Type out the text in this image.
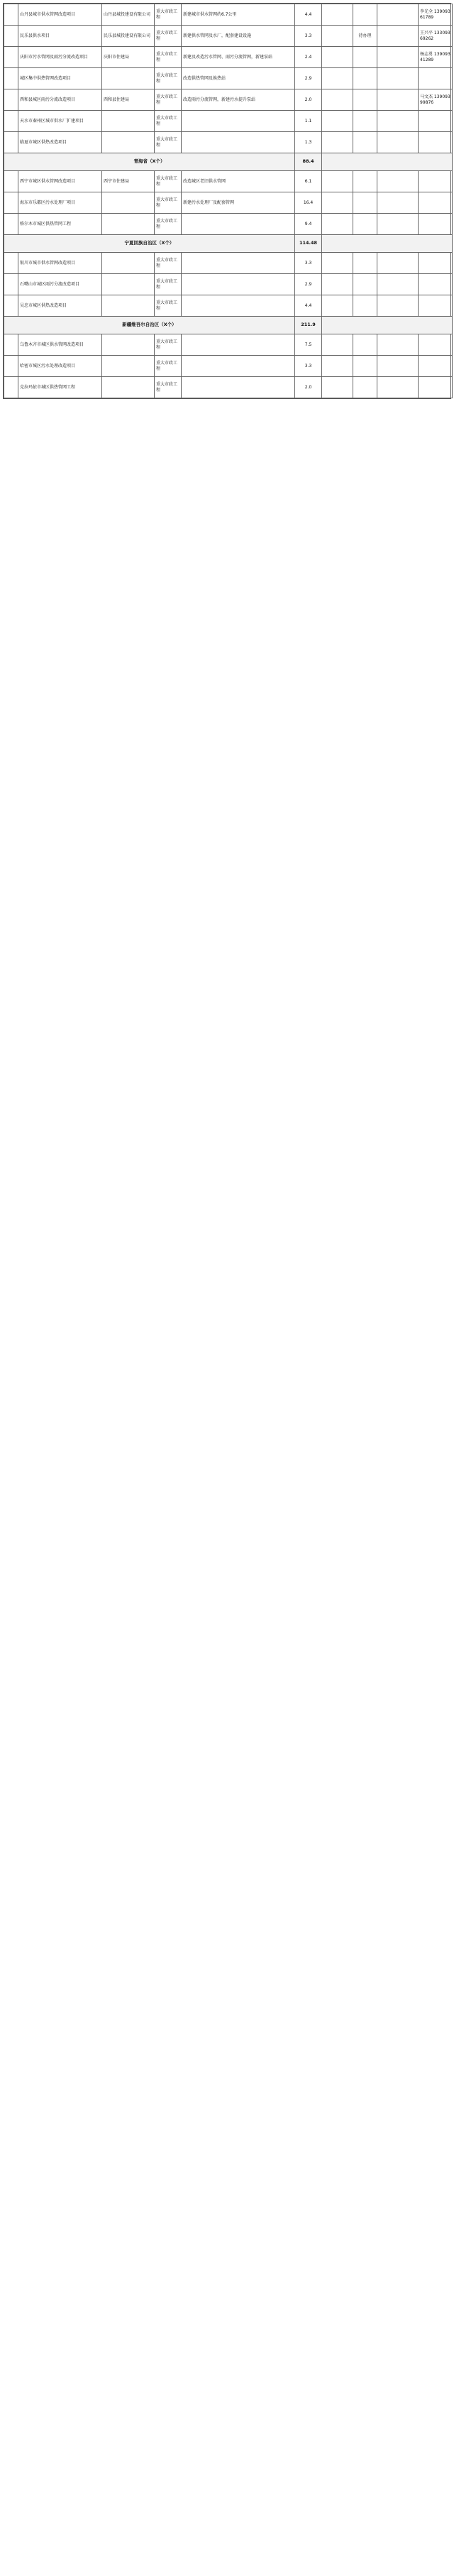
	山丹县城市供水管网改造项目	山丹县城投建设有限公司	重大市政工程	新建城市供水管网约6.7公里	4.4				李光全 13909361789
	民乐县供水项目	民乐县城投建设有限公司	重大市政工程	新建供水管网及水厂，配套建设设施	3.3		待办理		王兴平 13309369262
	庆阳市污水管网及雨污分流改造项目	庆阳市住建局	重大市政工程	新建及改造污水管网、雨污分流管网，新建泵站	2.4				杨志勇 13909341289
	城区集中供热管网改造项目		重大市政工程	改造供热管网及换热站	2.9				
	西和县城区雨污分流改造项目	西和县住建局	重大市政工程	改造雨污分流管网，新建污水提升泵站	2.0				马文杰 13909399876
	天水市秦州区城市供水厂扩建项目		重大市政工程		1.1				
	临夏市城区供热改造项目		重大市政工程		1.3				
青海省（X个）					88.4				
	西宁市城区供水管网改造项目	西宁市住建局	重大市政工程	改造城区老旧供水管网	6.1				
	海东市乐都区污水处理厂项目		重大市政工程	新建污水处理厂及配套管网	16.4				
	格尔木市城区供热管网工程		重大市政工程		9.4				
宁夏回族自治区（X个）					114.48				
	银川市城市供水管网改造项目		重大市政工程		3.3				
	石嘴山市城区雨污分流改造项目		重大市政工程		2.9				
	吴忠市城区供热改造项目		重大市政工程		4.4				
新疆维吾尔自治区（X个）					211.9				
	乌鲁木齐市城区供水管网改造项目		重大市政工程		7.5				
	哈密市城区污水处理改造项目		重大市政工程		3.3				
	克拉玛依市城区供热管网工程		重大市政工程		2.0				
